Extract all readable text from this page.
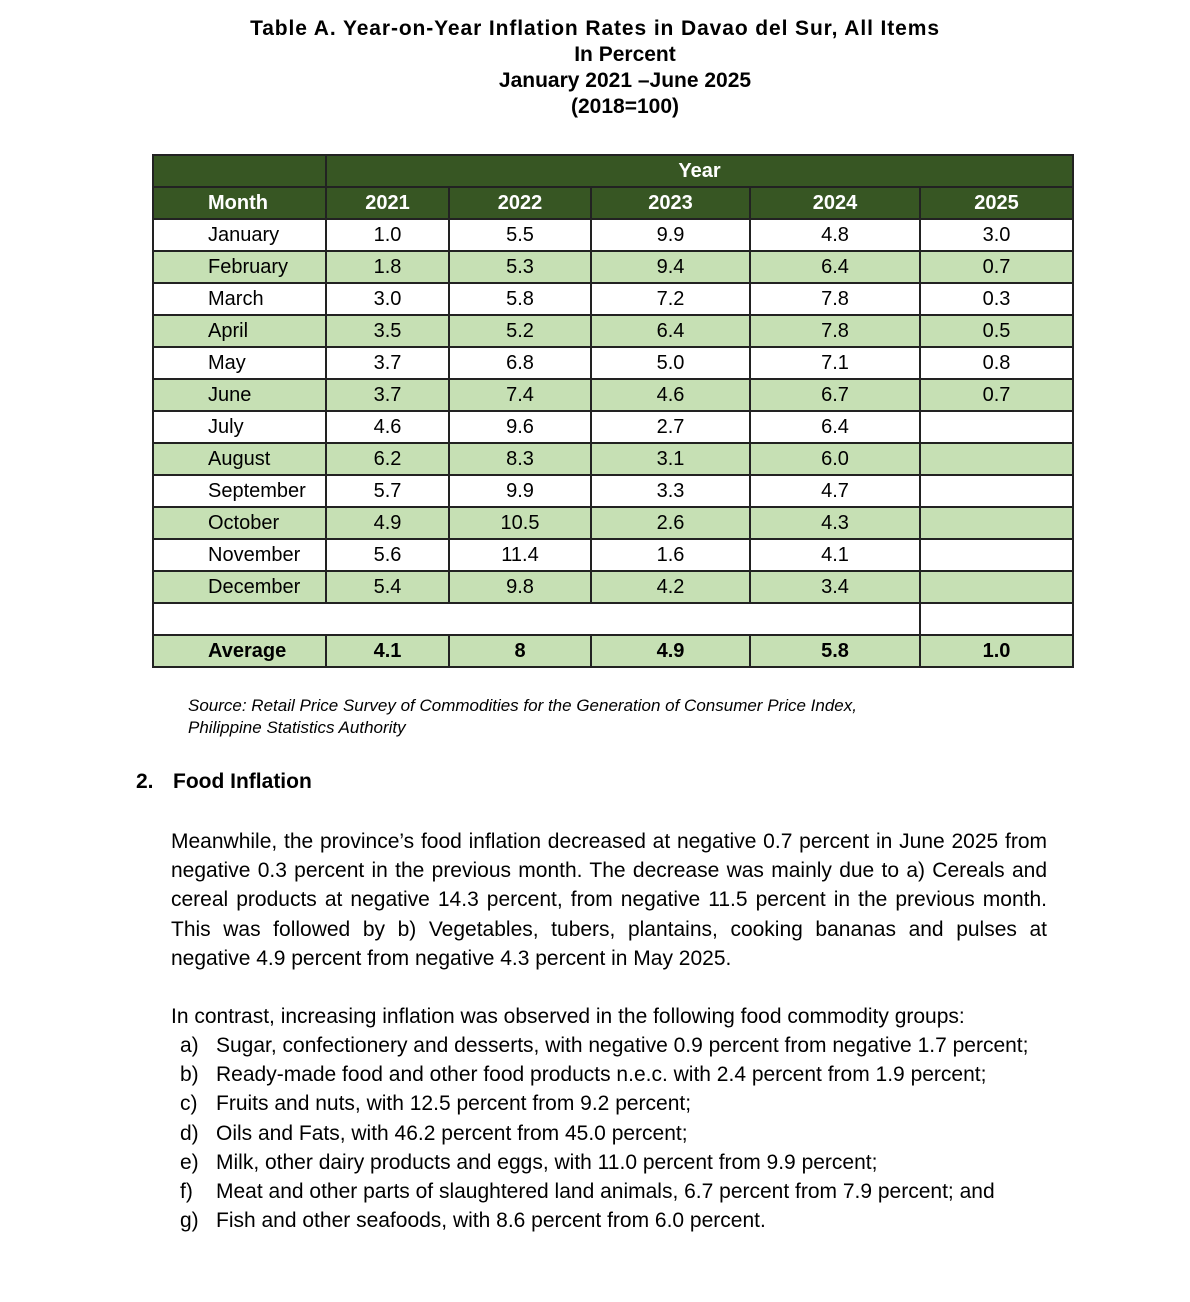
Table A. Year-on-Year Inflation Rates in Davao del Sur, All Items
In Percent
January 2021 –June 2025
(2018=100)
	Year				
Month	2021	2022	2023	2024	2025
January	1.0	5.5	9.9	4.8	3.0
February	1.8	5.3	9.4	6.4	0.7
March	3.0	5.8	7.2	7.8	0.3
April	3.5	5.2	6.4	7.8	0.5
May	3.7	6.8	5.0	7.1	0.8
June	3.7	7.4	4.6	6.7	0.7
July	4.6	9.6	2.7	6.4	
August	6.2	8.3	3.1	6.0	
September	5.7	9.9	3.3	4.7	
October	4.9	10.5	2.6	4.3	
November	5.6	11.4	1.6	4.1	
December	5.4	9.8	4.2	3.4	

Average	4.1	8	4.9	5.8	1.0
Source: Retail Price Survey of Commodities for the Generation of Consumer Price Index,
Philippine Statistics Authority
2. Food Inflation
Meanwhile, the province’s food inflation decreased at negative 0.7 percent in June 2025 from negative 0.3 percent in the previous month. The decrease was mainly due to a) Cereals and cereal products at negative 14.3 percent, from negative 11.5 percent in the previous month. This was followed by b) Vegetables, tubers, plantains, cooking bananas and pulses at negative 4.9 percent from negative 4.3 percent in May 2025.
In contrast, increasing inflation was observed in the following food commodity groups:
a) Sugar, confectionery and desserts, with negative 0.9 percent from negative 1.7 percent;
b) Ready-made food and other food products n.e.c. with 2.4 percent from 1.9 percent;
c) Fruits and nuts, with 12.5 percent from 9.2 percent;
d) Oils and Fats, with 46.2 percent from 45.0 percent;
e) Milk, other dairy products and eggs, with 11.0 percent from 9.9 percent;
f) Meat and other parts of slaughtered land animals, 6.7 percent from 7.9 percent; and
g) Fish and other seafoods, with 8.6 percent from 6.0 percent.
